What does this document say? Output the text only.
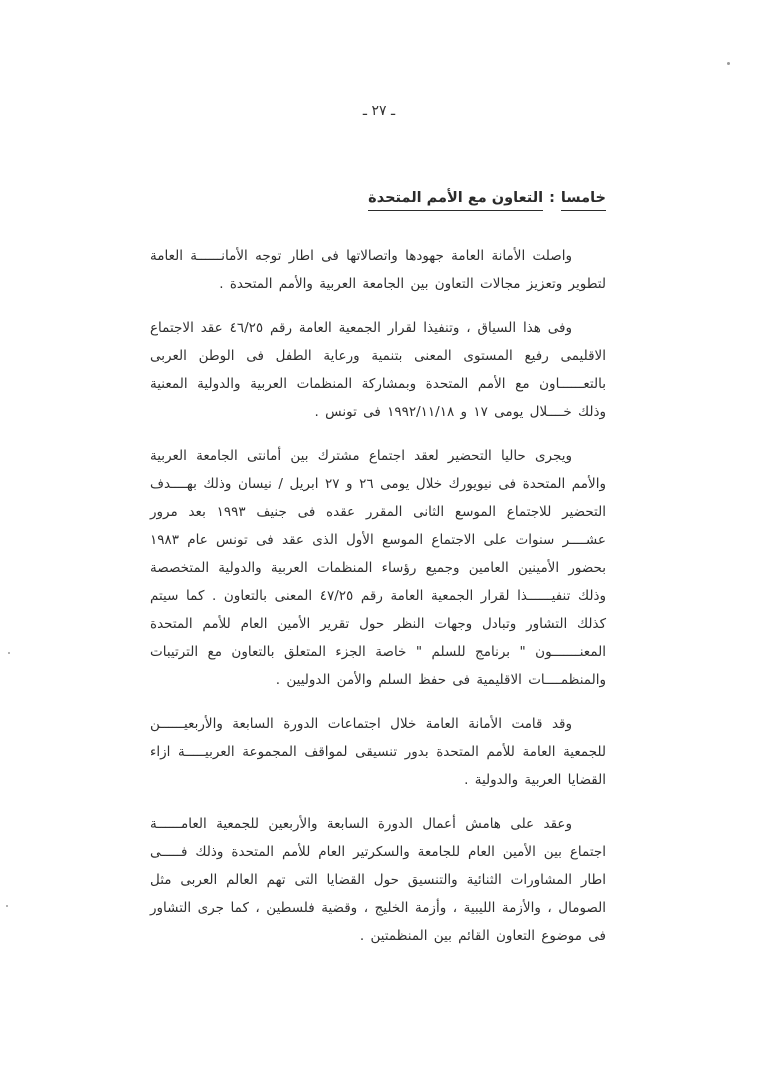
ـ ٢٧ ـ
خامسا:التعاون مع الأمم المتحدة

واصلت الأمانة العامة جهودها واتصالاتها فى اطار توجه الأمانــــــة العامة لتطوير وتعزيز مجالات التعاون بين الجامعة العربية والأمم المتحدة .

وفى هذا السياق ، وتنفيذا لقرار الجمعية العامة رقم ٤٦/٢٥ عقد الاجتماع الاقليمى رفيع المستوى المعنى بتنمية ورعاية الطفل فى الوطن العربى بالتعــــــاون مع الأمم المتحدة وبمشاركة المنظمات العربية والدولية المعنية وذلك خــــلال يومى ١٧ و ١٩٩٢/١١/١٨ فى تونس .

ويجرى حاليا التحضير لعقد اجتماع مشترك بين أمانتى الجامعة العربية والأمم المتحدة فى نيويورك خلال يومى ٢٦ و ٢٧ ابريل / نيسان وذلك بهــــدف التحضير للاجتماع الموسع الثانى المقرر عقده فى جنيف ١٩٩٣ بعد مرور عشــــر سنوات على الاجتماع الموسع الأول الذى عقد فى تونس عام ١٩٨٣ بحضور الأمينين العامين وجميع رؤساء المنظمات العربية والدولية المتخصصة وذلك تنفيــــــذا لقرار الجمعية العامة رقم ٤٧/٢٥ المعنى بالتعاون . كما سيتم كذلك التشاور وتبادل وجهات النظر حول تقرير الأمين العام للأمم المتحدة المعنـــــــون " برنامج للسلم " خاصة الجزء المتعلق بالتعاون مع الترتيبات والمنظمــــات الاقليمية فى حفظ السلم والأمن الدوليين .

وقد قامت الأمانة العامة خلال اجتماعات الدورة السابعة والأربعيــــــن للجمعية العامة للأمم المتحدة بدور تنسيقى لمواقف المجموعة العربيـــــة ازاء القضايا العربية والدولية .

وعقد على هامش أعمال الدورة السابعة والأربعين للجمعية العامــــــة اجتماع بين الأمين العام للجامعة والسكرتير العام للأمم المتحدة وذلك فـــــى اطار المشاورات الثنائية والتنسيق حول القضايا التى تهم العالم العربى مثل الصومال ، والأزمة الليبية ، وأزمة الخليج ، وقضية فلسطين ، كما جرى التشاور فى موضوع التعاون القائم بين المنظمتين .
